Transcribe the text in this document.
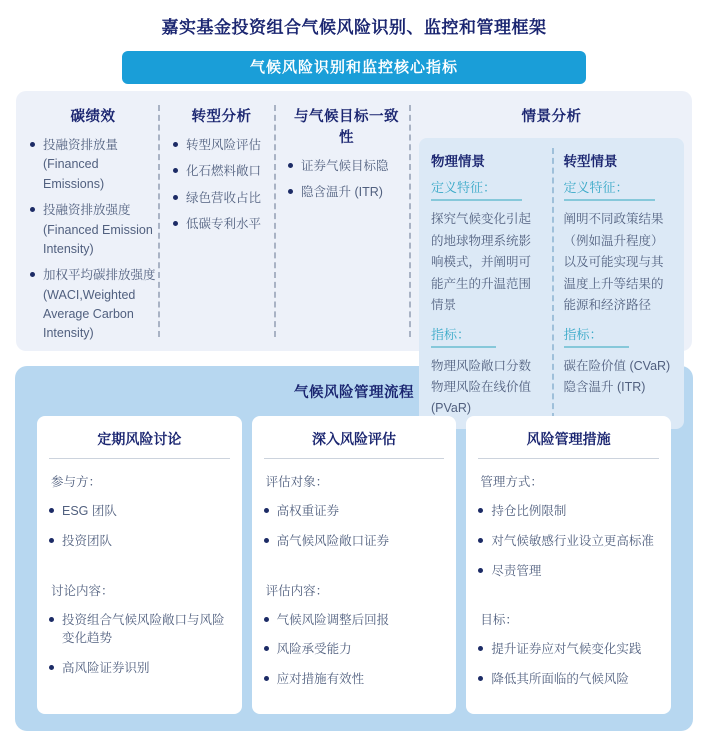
嘉实基金投资组合气候风险识别、监控和管理框架
气候风险识别和监控核心指标
碳绩效
投融资排放量
(Financed Emissions)
投融资排放强度
(Financed Emission Intensity)
加权平均碳排放强度
(WACI,Weighted Average Carbon Intensity)
转型分析
转型风险评估
化石燃料敞口
绿色营收占比
低碳专利水平
与气候目标一致性
证券气候目标隐
隐含温升 (ITR)
情景分析
物理情景
定义特征：
探究气候变化引起的地球物理系统影响模式，并阐明可能产生的升温范围情景
指标：
物理风险敞口分数
物理风险在线价值 (PVaR)
转型情景
定义特征：
阐明不同政策结果（例如温升程度）以及可能实现与其温度上升等结果的能源和经济路径
指标：
碳在险价值 (CVaR)
隐含温升 (ITR)
气候风险管理流程
定期风险讨论
参与方：
ESG 团队
投资团队
讨论内容：
投资组合气候风险敞口与风险变化趋势
高风险证券识别
深入风险评估
评估对象：
高权重证券
高气候风险敞口证券
评估内容：
气候风险调整后回报
风险承受能力
应对措施有效性
风险管理措施
管理方式：
持仓比例限制
对气候敏感行业设立更高标准
尽责管理
目标：
提升证券应对气候变化实践
降低其所面临的气候风险
